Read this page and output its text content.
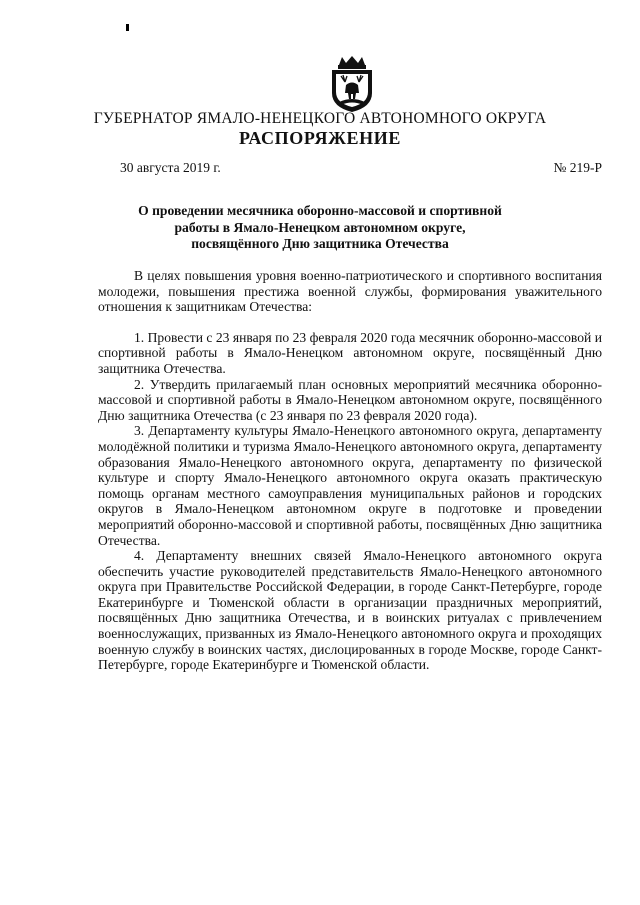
ГУБЕРНАТОР ЯМАЛО-НЕНЕЦКОГО АВТОНОМНОГО ОКРУГА
РАСПОРЯЖЕНИЕ
30 августа 2019 г.	№ 219-Р
О проведении месячника оборонно-массовой и спортивной
работы в Ямало-Ненецком автономном округе,
посвящённого Дню защитника Отечества

В целях повышения уровня военно-патриотического и спортивного воспитания молодежи, повышения престижа военной службы, формирования уважительного отношения к защитникам Отечества:

1. Провести с 23 января по 23 февраля 2020 года месячник оборонно-массовой и спортивной работы в Ямало-Ненецком автономном округе, посвящённый Дню защитника Отечества.

2. Утвердить прилагаемый план основных мероприятий месячника оборонно-массовой и спортивной работы в Ямало-Ненецком автономном округе, посвящённого Дню защитника Отечества (с 23 января по 23 февраля 2020 года).

3. Департаменту культуры Ямало-Ненецкого автономного округа, департаменту молодёжной политики и туризма Ямало-Ненецкого автономного округа, департаменту образования Ямало-Ненецкого автономного округа, департаменту по физической культуре и спорту Ямало-Ненецкого автономного округа оказать практическую помощь органам местного самоуправления муниципальных районов и городских округов в Ямало-Ненецком автономном округе в подготовке и проведении мероприятий оборонно-массовой и спортивной работы, посвящённых Дню защитника Отечества.

4. Департаменту внешних связей Ямало-Ненецкого автономного округа обеспечить участие руководителей представительств Ямало-Ненецкого автономного округа при Правительстве Российской Федерации, в городе Санкт-Петербурге, городе Екатеринбурге и Тюменской области в организации праздничных мероприятий, посвящённых Дню защитника Отечества, и в воинских ритуалах с привлечением военнослужащих, призванных из Ямало-Ненецкого автономного округа и проходящих военную службу в воинских частях, дислоцированных в городе Москве, городе Санкт-Петербурге, городе Екатеринбурге и Тюменской области.
